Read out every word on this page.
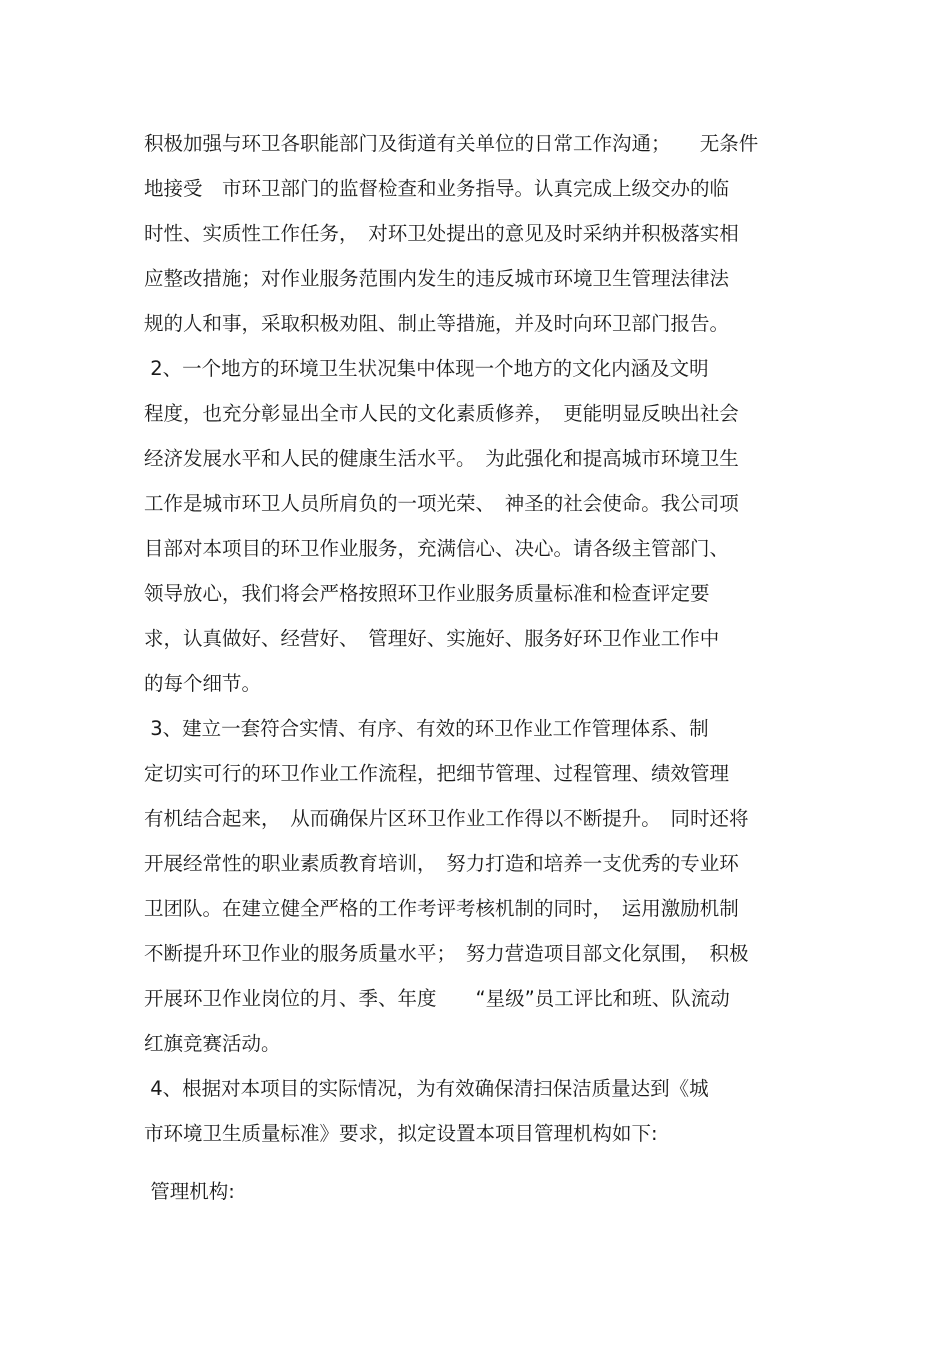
积极加强与环卫各职能部门及街道有关单位的日常工作沟通；　　无条件
地接受　市环卫部门的监督检查和业务指导。认真完成上级交办的临
时性、实质性工作任务，　对环卫处提出的意见及时采纳并积极落实相
应整改措施；对作业服务范围内发生的违反城市环境卫生管理法律法
规的人和事，采取积极劝阻、制止等措施，并及时向环卫部门报告。
2、一个地方的环境卫生状况集中体现一个地方的文化内涵及文明
程度，也充分彰显出全市人民的文化素质修养，　更能明显反映出社会
经济发展水平和人民的健康生活水平。　为此强化和提高城市环境卫生
工作是城市环卫人员所肩负的一项光荣、　神圣的社会使命。我公司项
目部对本项目的环卫作业服务，充满信心、决心。请各级主管部门、
领导放心，我们将会严格按照环卫作业服务质量标准和检查评定要
求，认真做好、经营好、　管理好、实施好、服务好环卫作业工作中
的每个细节。
3、建立一套符合实情、有序、有效的环卫作业工作管理体系、制
定切实可行的环卫作业工作流程，把细节管理、过程管理、绩效管理
有机结合起来，　从而确保片区环卫作业工作得以不断提升。　同时还将
开展经常性的职业素质教育培训，　努力打造和培养一支优秀的专业环
卫团队。在建立健全严格的工作考评考核机制的同时，　运用激励机制
不断提升环卫作业的服务质量水平；　努力营造项目部文化氛围，　积极
开展环卫作业岗位的月、季、年度　　“星级”员工评比和班、队流动
红旗竞赛活动。
4、根据对本项目的实际情况，为有效确保清扫保洁质量达到《城
市环境卫生质量标准》要求，拟定设置本项目管理机构如下:
管理机构:
